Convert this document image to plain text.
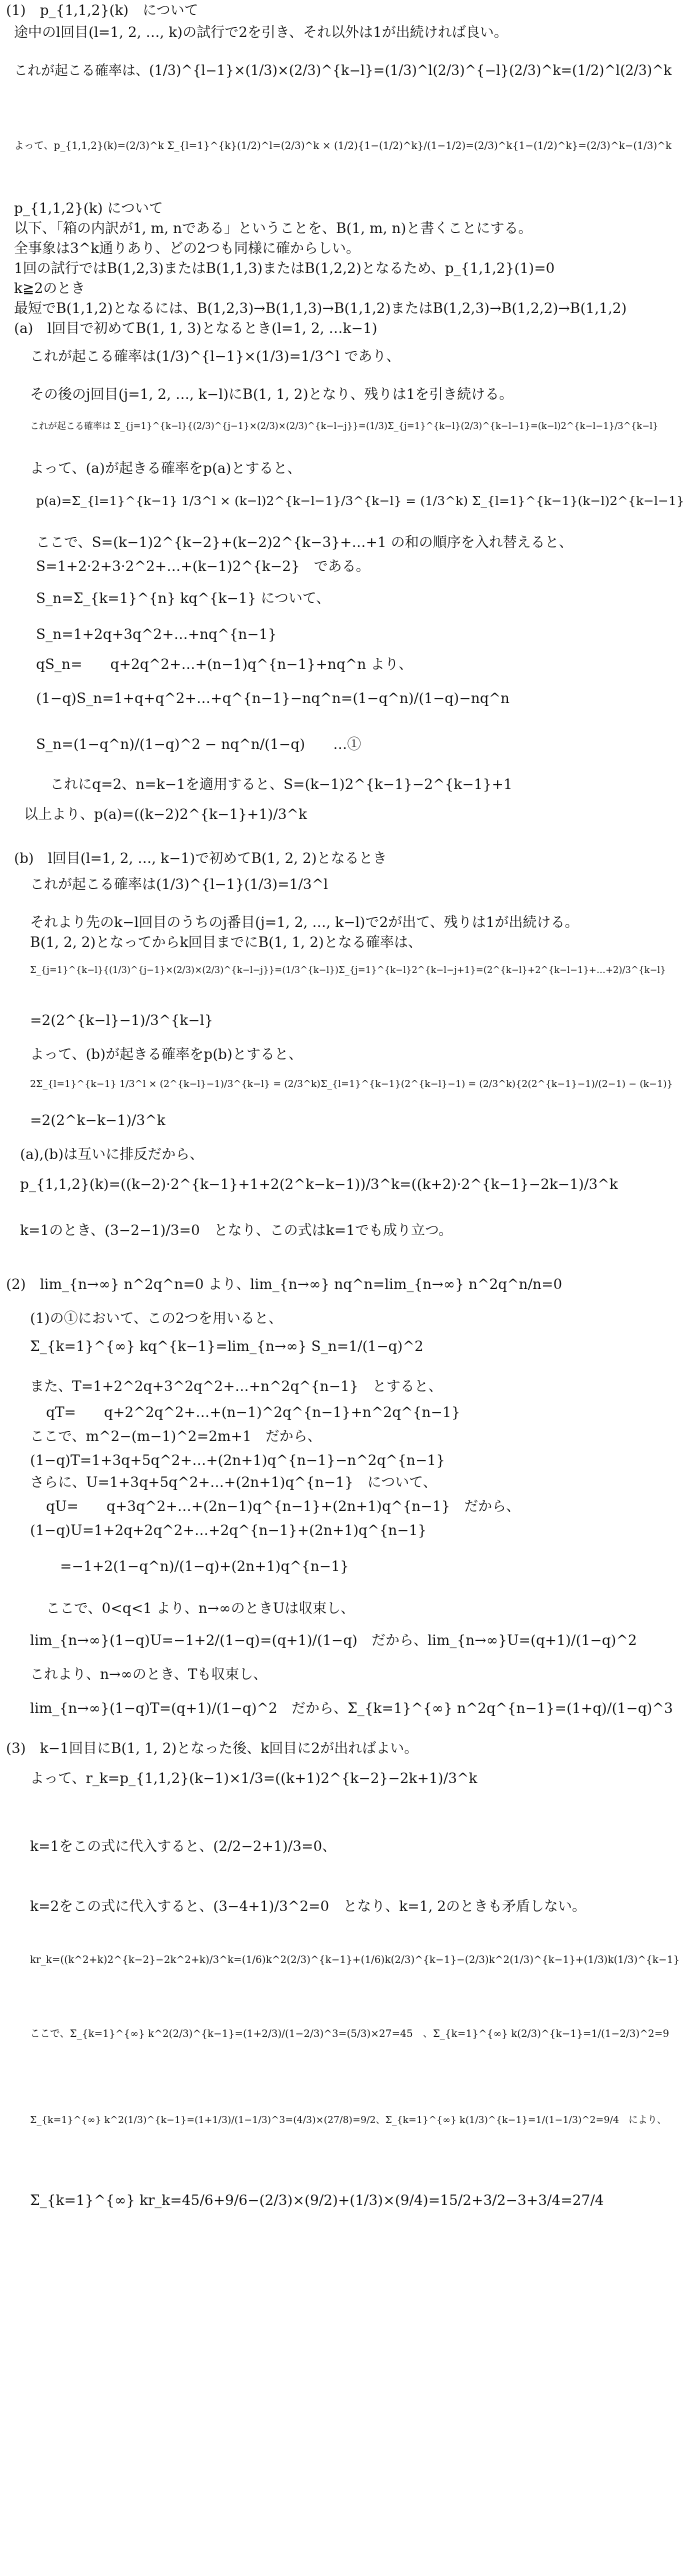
(1)　p_{1,1,2}(k)　について
途中のl回目(l=1, 2, …, k)の試行で2を引き、それ以外は1が出続ければ良い。
これが起こる確率は、(1/3)^{l−1}×(1/3)×(2/3)^{k−l}=(1/3)^l(2/3)^{−l}(2/3)^k=(1/2)^l(2/3)^k
よって、p_{1,1,2}(k)=(2/3)^k Σ_{l=1}^{k}(1/2)^l=(2/3)^k × (1/2){1−(1/2)^k}/(1−1/2)=(2/3)^k{1−(1/2)^k}=(2/3)^k−(1/3)^k
p_{1,1,2}(k) について
以下、「箱の内訳が1, m, nである」ということを、B(1, m, n)と書くことにする。
全事象は3^k通りあり、どの2つも同様に確からしい。
1回の試行ではB(1,2,3)またはB(1,1,3)またはB(1,2,2)となるため、p_{1,1,2}(1)=0
k≧2のとき
最短でB(1,1,2)となるには、B(1,2,3)→B(1,1,3)→B(1,1,2)またはB(1,2,3)→B(1,2,2)→B(1,1,2)
(a)　l回目で初めてB(1, 1, 3)となるとき(l=1, 2, …k−1)
これが起こる確率は(1/3)^{l−1}×(1/3)=1/3^l であり、
その後のj回目(j=1, 2, …, k−l)にB(1, 1, 2)となり、残りは1を引き続ける。
これが起こる確率は Σ_{j=1}^{k−l}{(2/3)^{j−1}×(2/3)×(2/3)^{k−l−j}}=(1/3)Σ_{j=1}^{k−l}(2/3)^{k−l−1}=(k−l)2^{k−l−1}/3^{k−l}
よって、(a)が起きる確率をp(a)とすると、
p(a)=Σ_{l=1}^{k−1} 1/3^l × (k−l)2^{k−l−1}/3^{k−l} = (1/3^k) Σ_{l=1}^{k−1}(k−l)2^{k−l−1}
ここで、S=(k−1)2^{k−2}+(k−2)2^{k−3}+…+1 の和の順序を入れ替えると、
S=1+2·2+3·2^2+…+(k−1)2^{k−2}　である。
S_n=Σ_{k=1}^{n} kq^{k−1} について、
S_n=1+2q+3q^2+…+nq^{n−1}
qS_n=　　q+2q^2+…+(n−1)q^{n−1}+nq^n より、
(1−q)S_n=1+q+q^2+…+q^{n−1}−nq^n=(1−q^n)/(1−q)−nq^n
S_n=(1−q^n)/(1−q)^2 − nq^n/(1−q)　　…①
これにq=2、n=k−1を適用すると、S=(k−1)2^{k−1}−2^{k−1}+1
以上より、p(a)=((k−2)2^{k−1}+1)/3^k
(b)　l回目(l=1, 2, …, k−1)で初めてB(1, 2, 2)となるとき
これが起こる確率は(1/3)^{l−1}(1/3)=1/3^l
それより先のk−l回目のうちのj番目(j=1, 2, …, k−l)で2が出て、残りは1が出続ける。
B(1, 2, 2)となってからk回目までにB(1, 1, 2)となる確率は、
Σ_{j=1}^{k−l}{(1/3)^{j−1}×(2/3)×(2/3)^{k−l−j}}=(1/3^{k−l})Σ_{j=1}^{k−l}2^{k−l−j+1}=(2^{k−l}+2^{k−l−1}+…+2)/3^{k−l}
=2(2^{k−l}−1)/3^{k−l}
よって、(b)が起きる確率をp(b)とすると、
2Σ_{l=1}^{k−1} 1/3^l × (2^{k−l}−1)/3^{k−l} = (2/3^k)Σ_{l=1}^{k−1}(2^{k−l}−1) = (2/3^k){2(2^{k−1}−1)/(2−1) − (k−1)}
=2(2^k−k−1)/3^k
(a),(b)は互いに排反だから、
p_{1,1,2}(k)=((k−2)·2^{k−1}+1+2(2^k−k−1))/3^k=((k+2)·2^{k−1}−2k−1)/3^k
k=1のとき、(3−2−1)/3=0　となり、この式はk=1でも成り立つ。
(2)　lim_{n→∞} n^2q^n=0 より、lim_{n→∞} nq^n=lim_{n→∞} n^2q^n/n=0
(1)の①において、この2つを用いると、
Σ_{k=1}^{∞} kq^{k−1}=lim_{n→∞} S_n=1/(1−q)^2
また、T=1+2^2q+3^2q^2+…+n^2q^{n−1}　とすると、
qT=　　q+2^2q^2+…+(n−1)^2q^{n−1}+n^2q^{n−1}
ここで、m^2−(m−1)^2=2m+1　だから、
(1−q)T=1+3q+5q^2+…+(2n+1)q^{n−1}−n^2q^{n−1}
さらに、U=1+3q+5q^2+…+(2n+1)q^{n−1}　について、
qU=　　q+3q^2+…+(2n−1)q^{n−1}+(2n+1)q^{n−1}　だから、
(1−q)U=1+2q+2q^2+…+2q^{n−1}+(2n+1)q^{n−1}
=−1+2(1−q^n)/(1−q)+(2n+1)q^{n−1}
ここで、0<q<1 より、n→∞のときUは収束し、
lim_{n→∞}(1−q)U=−1+2/(1−q)=(q+1)/(1−q)　だから、lim_{n→∞}U=(q+1)/(1−q)^2
これより、n→∞のとき、Tも収束し、
lim_{n→∞}(1−q)T=(q+1)/(1−q)^2　だから、Σ_{k=1}^{∞} n^2q^{n−1}=(1+q)/(1−q)^3
(3)　k−1回目にB(1, 1, 2)となった後、k回目に2が出ればよい。
よって、r_k=p_{1,1,2}(k−1)×1/3=((k+1)2^{k−2}−2k+1)/3^k
k=1をこの式に代入すると、(2/2−2+1)/3=0、
k=2をこの式に代入すると、(3−4+1)/3^2=0　となり、k=1, 2のときも矛盾しない。
kr_k=((k^2+k)2^{k−2}−2k^2+k)/3^k=(1/6)k^2(2/3)^{k−1}+(1/6)k(2/3)^{k−1}−(2/3)k^2(1/3)^{k−1}+(1/3)k(1/3)^{k−1}
ここで、Σ_{k=1}^{∞} k^2(2/3)^{k−1}=(1+2/3)/(1−2/3)^3=(5/3)×27=45　、Σ_{k=1}^{∞} k(2/3)^{k−1}=1/(1−2/3)^2=9
Σ_{k=1}^{∞} k^2(1/3)^{k−1}=(1+1/3)/(1−1/3)^3=(4/3)×(27/8)=9/2、Σ_{k=1}^{∞} k(1/3)^{k−1}=1/(1−1/3)^2=9/4　により、
Σ_{k=1}^{∞} kr_k=45/6+9/6−(2/3)×(9/2)+(1/3)×(9/4)=15/2+3/2−3+3/4=27/4
